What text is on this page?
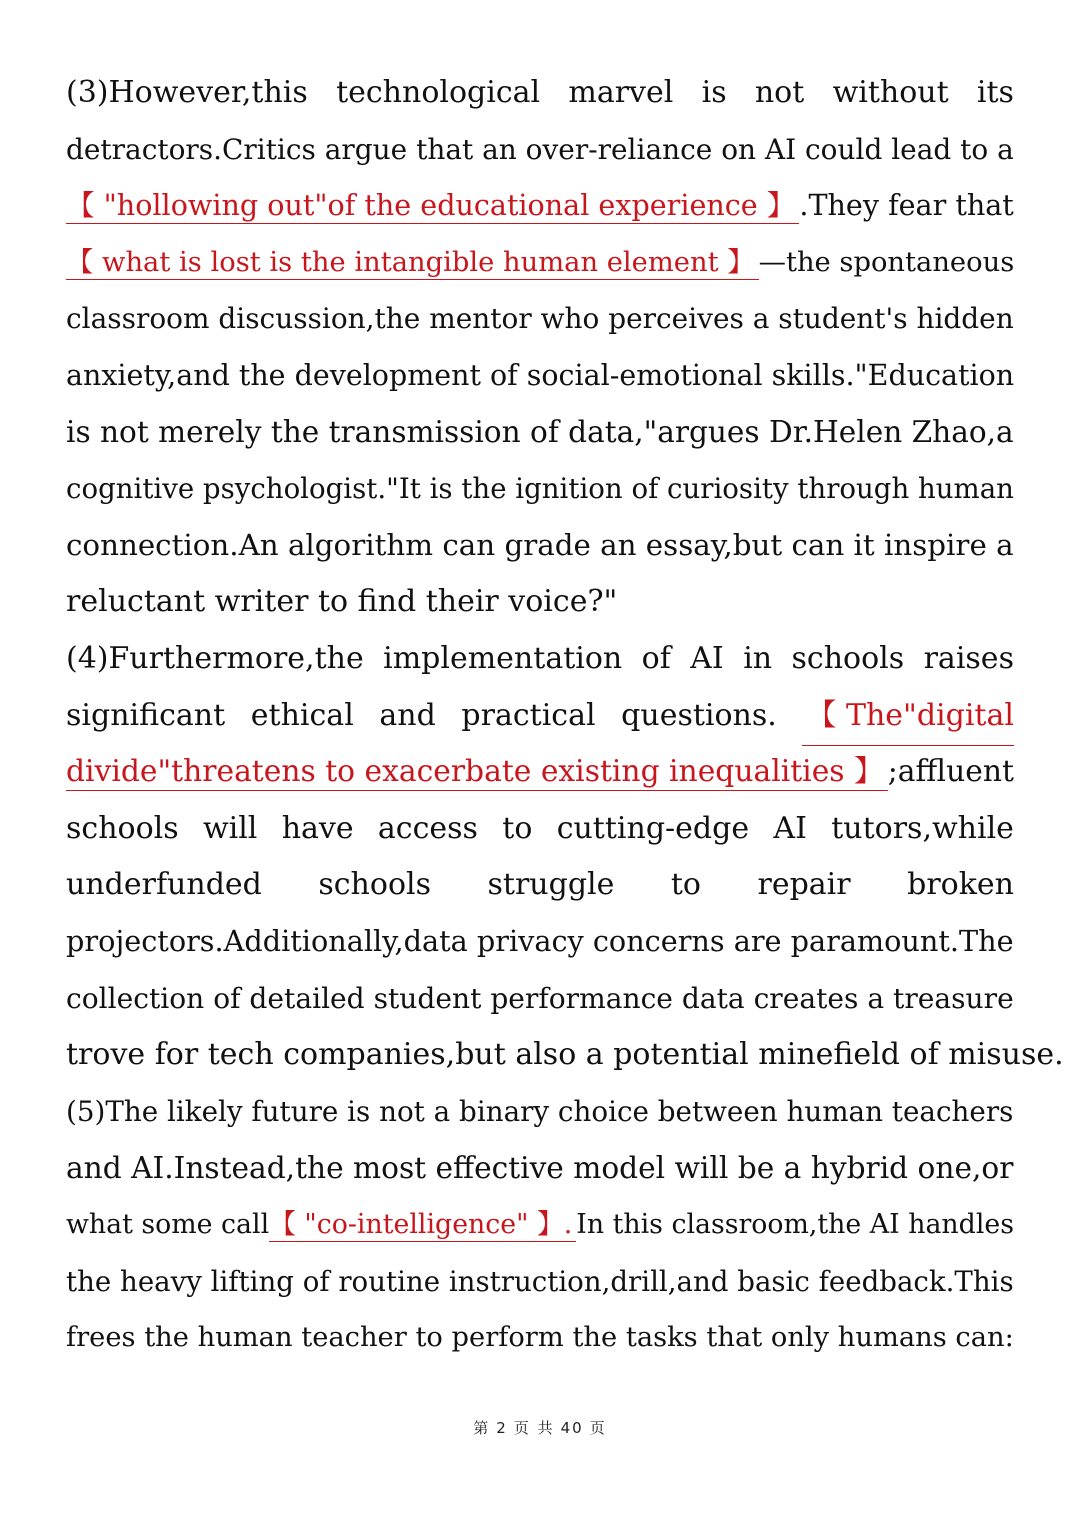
(3)However,this technological marvel is not without its
detractors.Critics argue that an over-reliance on AI could lead to a
【 "hollowing out"of the educational experience 】 .They fear that
【 what is lost is the intangible human element 】 —the spontaneous
classroom discussion,the mentor who perceives a student's hidden
anxiety,and the development of social-emotional skills."Education
is not merely the transmission of data,"argues Dr.Helen Zhao,a
cognitive psychologist."It is the ignition of curiosity through human
connection.An algorithm can grade an essay,but can it inspire a
reluctant writer to find their voice?"
(4)Furthermore,the implementation of AI in schools raises
significant ethical and practical questions. 【 The"digital
divide"threatens to exacerbate existing inequalities 】 ;affluent
schools will have access to cutting-edge AI tutors,while
underfunded schools struggle to repair broken
projectors.Additionally,data privacy concerns are paramount.The
collection of detailed student performance data creates a treasure
trove for tech companies,but also a potential minefield of misuse.
(5)The likely future is not a binary choice between human teachers
and AI.Instead,the most effective model will be a hybrid one,or
what some call【 "co-intelligence" 】. In this classroom,the AI handles
the heavy lifting of routine instruction,drill,and basic feedback.This
frees the human teacher to perform the tasks that only humans can:
第 2 页 共 40 页
